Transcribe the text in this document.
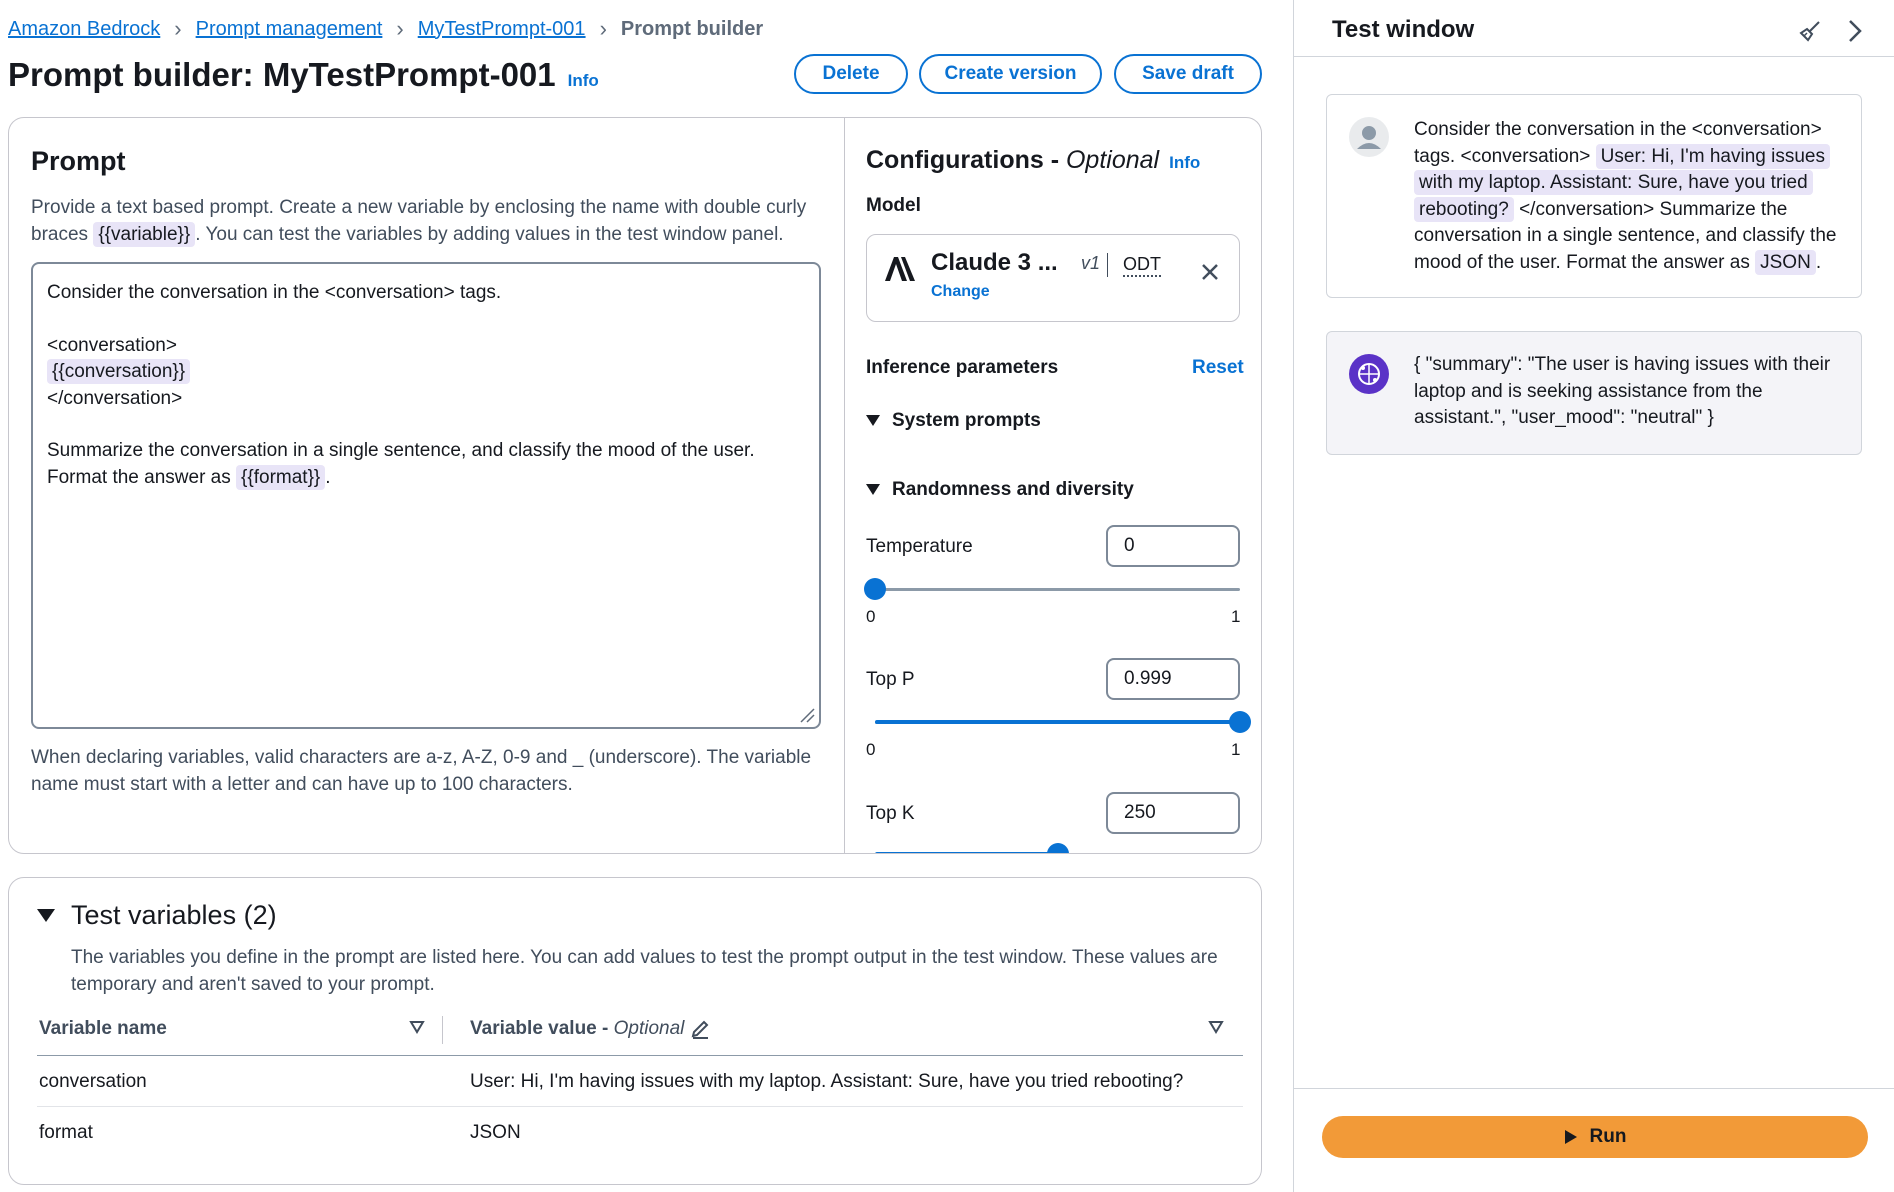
Amazon Bedrock › Prompt management › MyTestPrompt-001 › Prompt builder
Prompt builder: MyTestPrompt-001 Info	Delete	Create version	Save draft
Prompt
Provide a text based prompt. Create a new variable by enclosing the name with double curly
braces {{variable}} . You can test the variables by adding values in the test window panel.
Consider the conversation in the <conversation> tags.
<conversation>
{{conversation}}
</conversation>
Summarize the conversation in a single sentence, and classify the mood of the user.
Format the answer as {{format}} .
When declaring variables, valid characters are a-z, A-Z, 0-9 and _ (underscore). The variable
name must start with a letter and can have up to 100 characters.
Configurations - Optional Info
Model
Claude 3 ... v1 ODT
Change
Inference parameters	Reset
System prompts
Randomness and diversity
Temperature	0
0	1
Top P	0.999
0	1
Top K	250
Test variables (2)
The variables you define in the prompt are listed here. You can add values to test the prompt output in the test window. These values are
temporary and aren't saved to your prompt.
Variable name	Variable value - Optional
conversation	User: Hi, I'm having issues with my laptop. Assistant: Sure, have you tried rebooting?
format	JSON
Test window
Consider the conversation in the <conversation>
tags. <conversation> User: Hi, I'm having issues
with my laptop. Assistant: Sure, have you tried
rebooting? </conversation> Summarize the
conversation in a single sentence, and classify the
mood of the user. Format the answer as JSON .
{ "summary": "The user is having issues with their
laptop and is seeking assistance from the
assistant.", "user_mood": "neutral" }
Run
